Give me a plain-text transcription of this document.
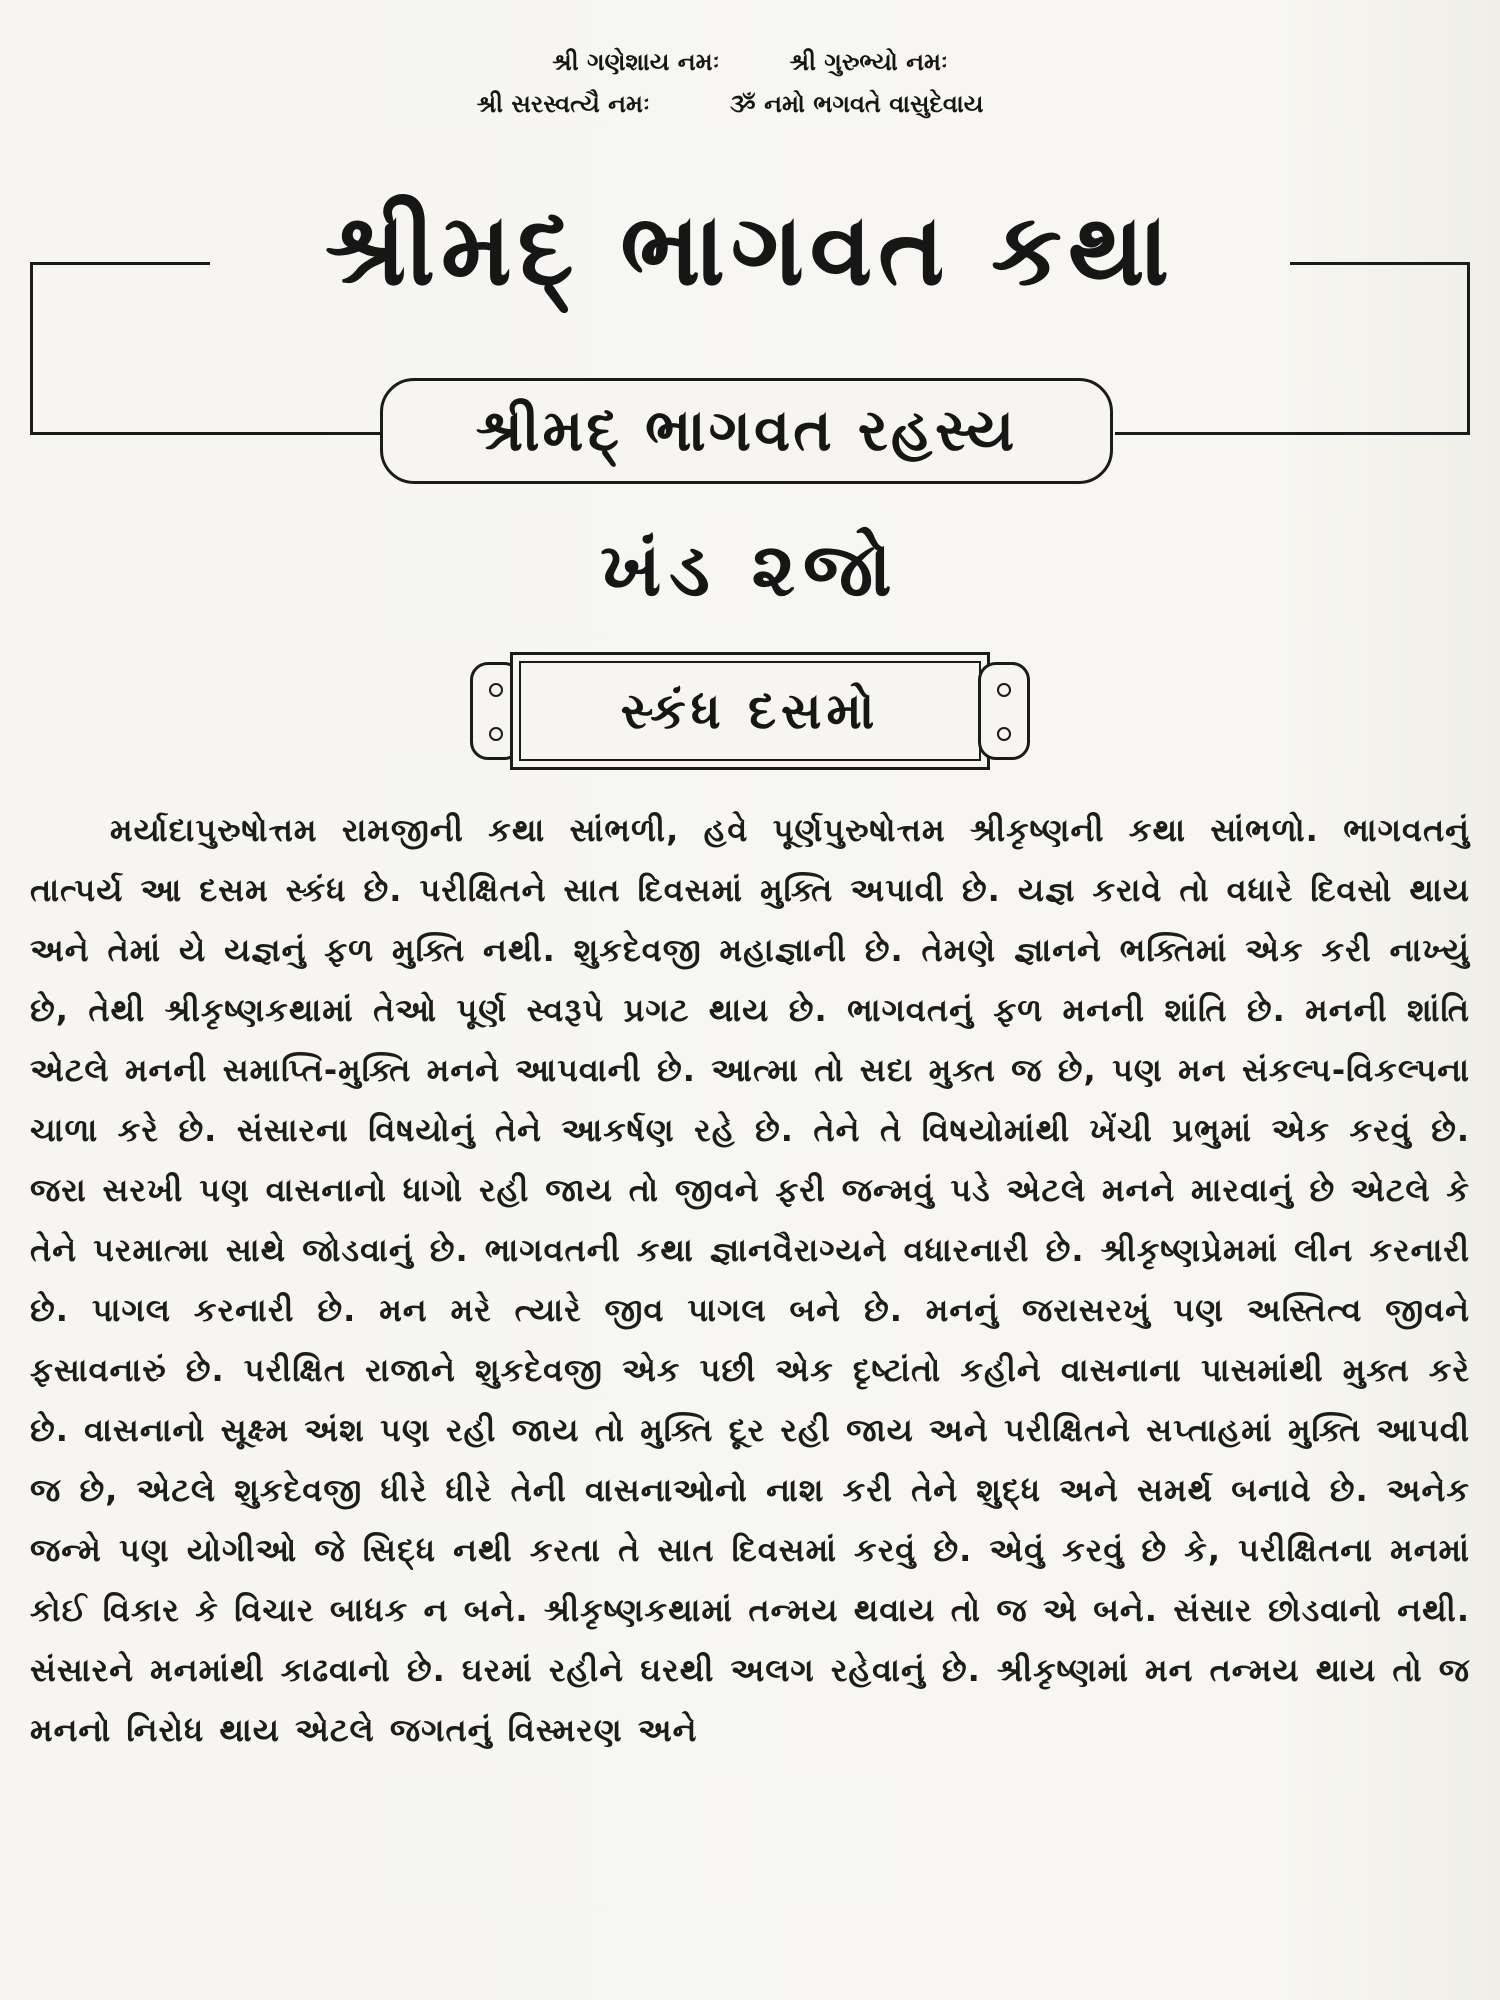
શ્રી ગણેશાય નમઃ	શ્રી ગુરુભ્યો નમઃ
શ્રી સરસ્વત્યૈ નમઃ	ૐ નમો ભગવતે વાસુદેવાય
શ્રીમદ્ ભાગવત કથા
શ્રીમદ્ ભાગવત રહસ્ય
ખંડ ૨જો
સ્કંધ દસમો
મર્યાદાપુરુષોત્તમ રામજીની કથા સાંભળી, હવે પૂર્ણપુરુષોત્તમ શ્રીકૃષ્ણની કથા સાંભળો. ભાગવતનું તાત્પર્ય આ દસમ સ્કંધ છે. પરીક્ષિતને સાત દિવસમાં મુક્તિ અપાવી છે. યજ્ઞ કરાવે તો વધારે દિવસો થાય અને તેમાં યે યજ્ઞનું ફળ મુક્તિ નથી. શુકદેવજી મહાજ્ઞાની છે. તેમણે જ્ઞાનને ભક્તિમાં એક કરી નાખ્યું છે, તેથી શ્રીકૃષ્ણકથામાં તેઓ પૂર્ણ સ્વરૂપે પ્રગટ થાય છે. ભાગવતનું ફળ મનની શાંતિ છે. મનની શાંતિ એટલે મનની સમાપ્તિ-મુક્તિ મનને આપવાની છે. આત્મા તો સદા મુક્ત જ છે, પણ મન સંકલ્પ-વિકલ્પના ચાળા કરે છે. સંસારના વિષયોનું તેને આકર્ષણ રહે છે. તેને તે વિષયોમાંથી ખેંચી પ્રભુમાં એક કરવું છે. જરા સરખી પણ વાસનાનો ધાગો રહી જાય તો જીવને ફરી જન્મવું પડે એટલે મનને મારવાનું છે એટલે કે તેને પરમાત્મા સાથે જોડવાનું છે. ભાગવતની કથા જ્ઞાનવૈરાગ્યને વધારનારી છે. શ્રીકૃષ્ણપ્રેમમાં લીન કરનારી છે. પાગલ કરનારી છે. મન મરે ત્યારે જીવ પાગલ બને છે. મનનું જરાસરખું પણ અસ્તિત્વ જીવને ફસાવનારું છે. પરીક્ષિત રાજાને શુકદેવજી એક પછી એક દૃષ્ટાંતો કહીને વાસનાના પાસમાંથી મુક્ત કરે છે. વાસનાનો સૂક્ષ્મ અંશ પણ રહી જાય તો મુક્તિ દૂર રહી જાય અને પરીક્ષિતને સપ્તાહમાં મુક્તિ આપવી જ છે, એટલે શુકદેવજી ધીરે ધીરે તેની વાસનાઓનો નાશ કરી તેને શુદ્ધ અને સમર્થ બનાવે છે. અનેક જન્મે પણ યોગીઓ જે સિદ્ધ નથી કરતા તે સાત દિવસમાં કરવું છે. એવું કરવું છે કે, પરીક્ષિતના મનમાં કોઈ વિકાર કે વિચાર બાધક ન બને. શ્રીકૃષ્ણકથામાં તન્મય થવાય તો જ એ બને. સંસાર છોડવાનો નથી. સંસારને મનમાંથી કાઢવાનો છે. ઘરમાં રહીને ઘરથી અલગ રહેવાનું છે. શ્રીકૃષ્ણમાં મન તન્મય થાય તો જ મનનો નિરોધ થાય એટલે જગતનું વિસ્મરણ અને
